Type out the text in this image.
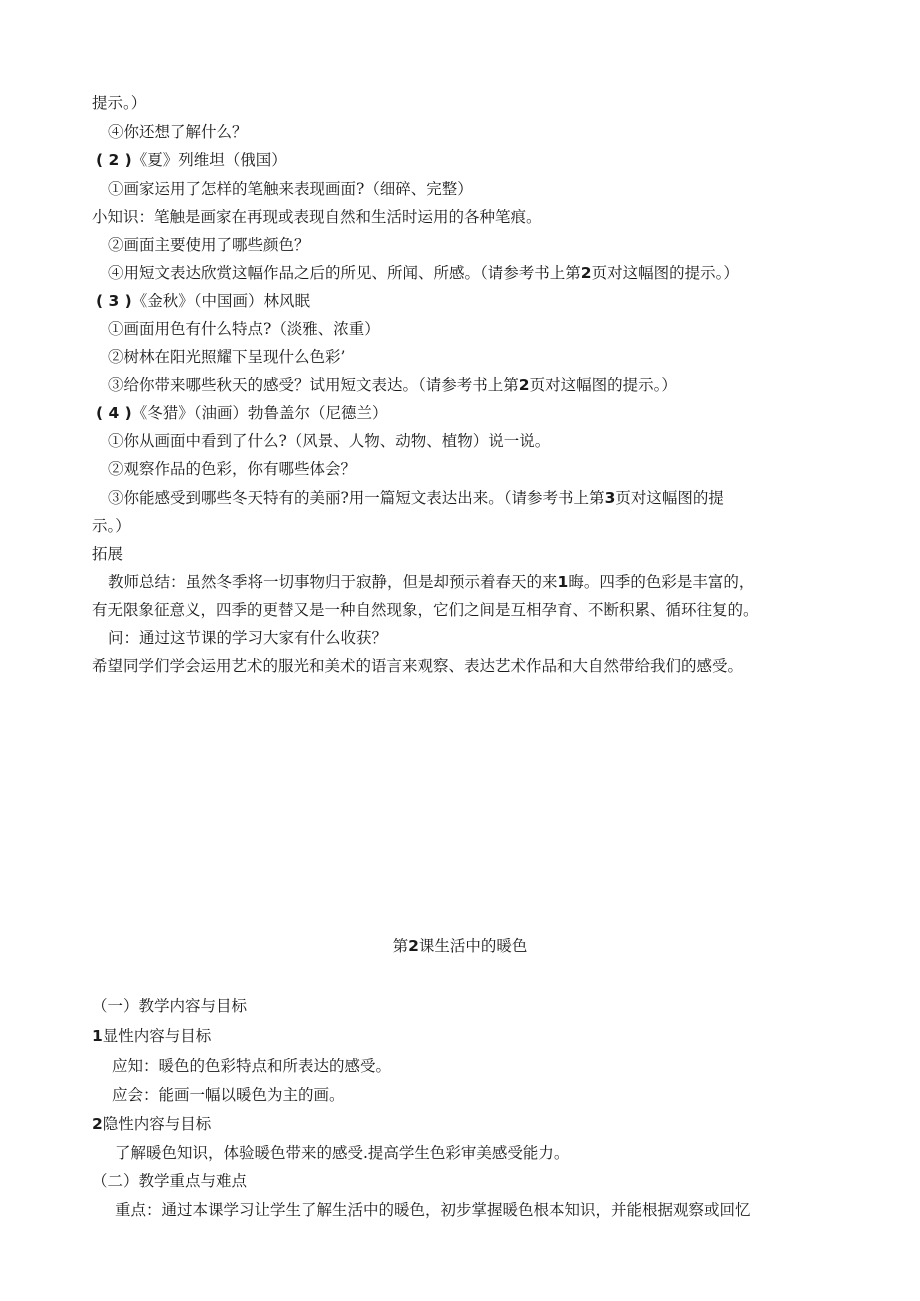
提示。）
④你还想了解什么？
( 2 )《夏》列维坦（俄国）
①画家运用了怎样的笔触来表现画面?（细碎、完整）
小知识：笔触是画家在再现或表现自然和生活时运用的各种笔痕。
②画面主要使用了哪些颜色？
④用短文表达欣赏这幅作品之后的所见、所闻、所感。（请参考书上第2页对这幅图的提示。）
( 3 )《金秋》（中国画）林风眠
①画面用色有什么特点?（淡雅、浓重）
②树林在阳光照耀下呈现什么色彩’
③给你带来哪些秋天的感受？试用短文表达。（请参考书上第2页对这幅图的提示。）
( 4 )《冬猎》（油画）勃鲁盖尔（尼德兰）
①你从画面中看到了什么?（风景、人物、动物、植物）说一说。
②观察作品的色彩，你有哪些体会？
③你能感受到哪些冬天特有的美丽?用一篇短文表达出来。（请参考书上第3页对这幅图的提
示。）
拓展
教师总结：虽然冬季将一切事物归于寂静，但是却预示着春天的来1晦。四季的色彩是丰富的，
有无限象征意义，四季的更替又是一种自然现象，它们之间是互相孕育、不断积累、循环往复的。
问：通过这节课的学习大家有什么收获？
希望同学们学会运用艺术的服光和美术的语言来观察、表达艺术作品和大自然带给我们的感受。
第2课生活中的暖色
（一）教学内容与目标
1显性内容与目标
应知：暖色的色彩特点和所表达的感受。
应会：能画一幅以暖色为主的画。
2隐性内容与目标
了解暖色知识，体验暖色带来的感受.提高学生色彩审美感受能力。
（二）教学重点与难点
重点：通过本课学习让学生了解生活中的暖色，初步掌握暖色根本知识，并能根据观察或回忆
